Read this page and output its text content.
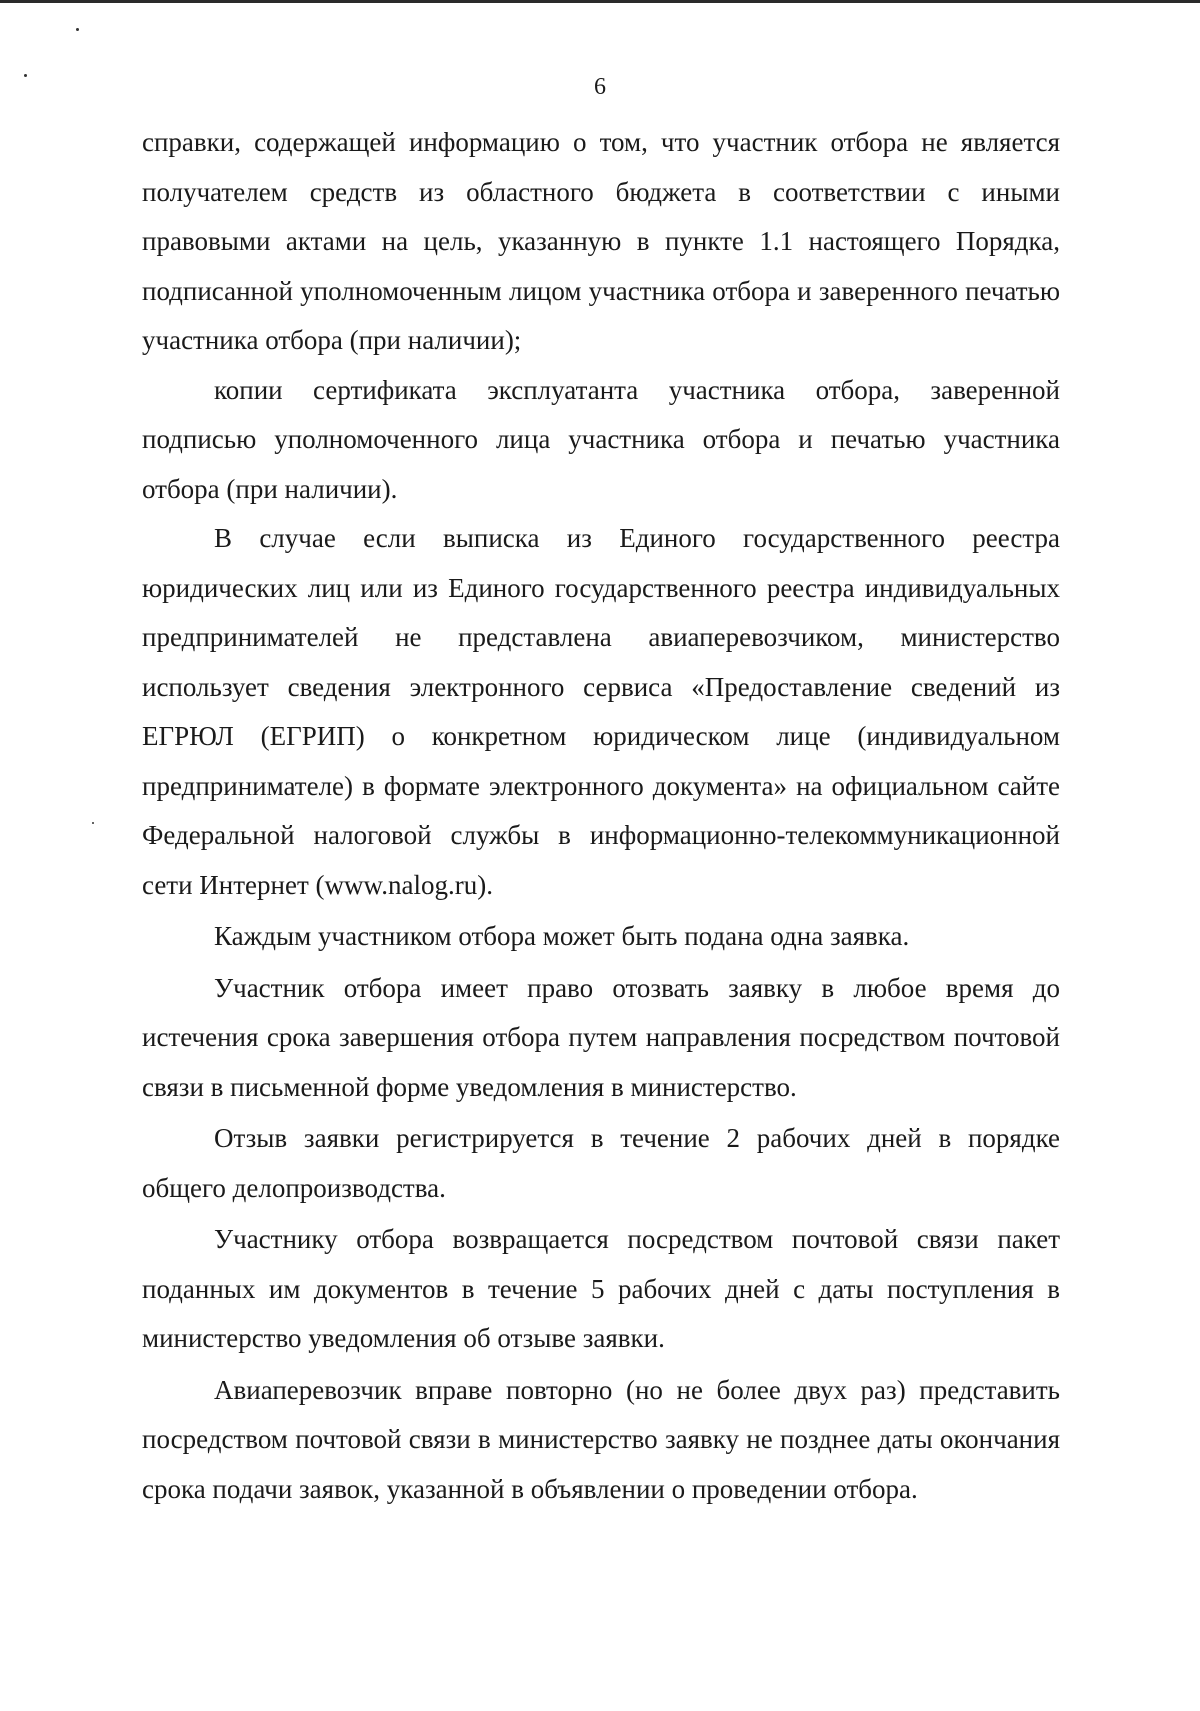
6

справки, содержащей информацию о том, что участник отбора не является получателем средств из областного бюджета в соответствии с иными правовыми актами на цель, указанную в пункте 1.1 настоящего Порядка, подписанной уполномоченным лицом участника отбора и заверенного печатью участника отбора (при наличии);

копии сертификата эксплуатанта участника отбора, заверенной подписью уполномоченного лица участника отбора и печатью участника отбора (при наличии).

В случае если выписка из Единого государственного реестра юридических лиц или из Единого государственного реестра индивидуальных предпринимателей не представлена авиаперевозчиком, министерство использует сведения электронного сервиса «Предоставление сведений из ЕГРЮЛ (ЕГРИП) о конкретном юридическом лице (индивидуальном предпринимателе) в формате электронного документа» на официальном сайте Федеральной налоговой службы в информационно-телекоммуникационной сети Интернет (www.nalog.ru).

Каждым участником отбора может быть подана одна заявка.

Участник отбора имеет право отозвать заявку в любое время до истечения срока завершения отбора путем направления посредством почтовой связи в письменной форме уведомления в министерство.

Отзыв заявки регистрируется в течение 2 рабочих дней в порядке общего делопроизводства.

Участнику отбора возвращается посредством почтовой связи пакет поданных им документов в течение 5 рабочих дней с даты поступления в министерство уведомления об отзыве заявки.

Авиаперевозчик вправе повторно (но не более двух раз) представить посредством почтовой связи в министерство заявку не позднее даты окончания срока подачи заявок, указанной в объявлении о проведении отбора.
